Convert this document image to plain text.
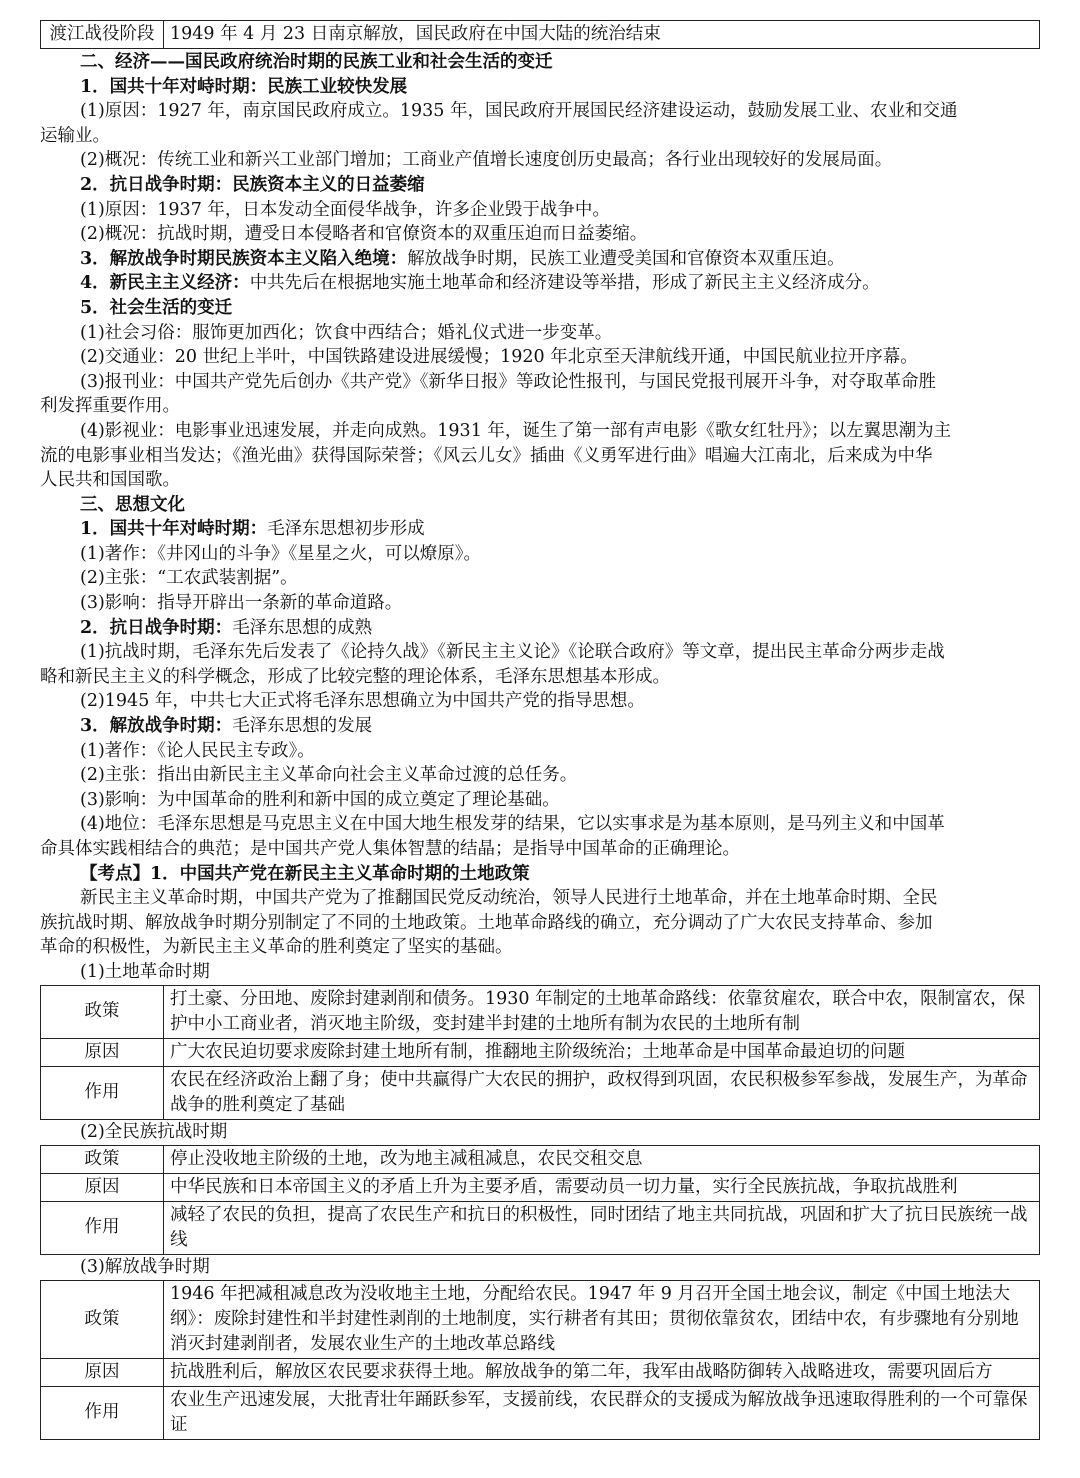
渡江战役阶段	1949 年 4 月 23 日南京解放，国民政府在中国大陆的统治结束

二、经济——国民政府统治时期的民族工业和社会生活的变迁

1．国共十年对峙时期：民族工业较快发展

(1)原因：1927 年，南京国民政府成立。1935 年，国民政府开展国民经济建设运动，鼓励发展工业、农业和交通

运输业。

(2)概况：传统工业和新兴工业部门增加；工商业产值增长速度创历史最高；各行业出现较好的发展局面。

2．抗日战争时期：民族资本主义的日益萎缩

(1)原因：1937 年，日本发动全面侵华战争，许多企业毁于战争中。

(2)概况：抗战时期，遭受日本侵略者和官僚资本的双重压迫而日益萎缩。

3．解放战争时期民族资本主义陷入绝境：解放战争时期，民族工业遭受美国和官僚资本双重压迫。

4．新民主主义经济：中共先后在根据地实施土地革命和经济建设等举措，形成了新民主主义经济成分。

5．社会生活的变迁

(1)社会习俗：服饰更加西化；饮食中西结合；婚礼仪式进一步变革。

(2)交通业：20 世纪上半叶，中国铁路建设进展缓慢；1920 年北京至天津航线开通，中国民航业拉开序幕。

(3)报刊业：中国共产党先后创办《共产党》《新华日报》等政论性报刊，与国民党报刊展开斗争，对夺取革命胜

利发挥重要作用。

(4)影视业：电影事业迅速发展，并走向成熟。1931 年，诞生了第一部有声电影《歌女红牡丹》；以左翼思潮为主

流的电影事业相当发达；《渔光曲》获得国际荣誉；《风云儿女》插曲《义勇军进行曲》唱遍大江南北，后来成为中华

人民共和国国歌。

三、思想文化

1．国共十年对峙时期：毛泽东思想初步形成

(1)著作：《井冈山的斗争》《星星之火，可以燎原》。

(2)主张：“工农武装割据”。

(3)影响：指导开辟出一条新的革命道路。

2．抗日战争时期：毛泽东思想的成熟

(1)抗战时期，毛泽东先后发表了《论持久战》《新民主主义论》《论联合政府》等文章，提出民主革命分两步走战

略和新民主主义的科学概念，形成了比较完整的理论体系，毛泽东思想基本形成。

(2)1945 年，中共七大正式将毛泽东思想确立为中国共产党的指导思想。

3．解放战争时期：毛泽东思想的发展

(1)著作：《论人民民主专政》。

(2)主张：指出由新民主主义革命向社会主义革命过渡的总任务。

(3)影响：为中国革命的胜利和新中国的成立奠定了理论基础。

(4)地位：毛泽东思想是马克思主义在中国大地生根发芽的结果，它以实事求是为基本原则，是马列主义和中国革

命具体实践相结合的典范；是中国共产党人集体智慧的结晶；是指导中国革命的正确理论。

【考点】1．中国共产党在新民主主义革命时期的土地政策

新民主主义革命时期，中国共产党为了推翻国民党反动统治，领导人民进行土地革命，并在土地革命时期、全民

族抗战时期、解放战争时期分别制定了不同的土地政策。土地革命路线的确立，充分调动了广大农民支持革命、参加

革命的积极性，为新民主主义革命的胜利奠定了坚实的基础。

(1)土地革命时期

政策	打土豪、分田地、废除封建剥削和债务。1930 年制定的土地革命路线：依靠贫雇农，联合中农，限制富农，保护中小工商业者，消灭地主阶级，变封建半封建的土地所有制为农民的土地所有制
原因	广大农民迫切要求废除封建土地所有制，推翻地主阶级统治；土地革命是中国革命最迫切的问题
作用	农民在经济政治上翻了身；使中共赢得广大农民的拥护，政权得到巩固，农民积极参军参战，发展生产，为革命战争的胜利奠定了基础

(2)全民族抗战时期

政策	停止没收地主阶级的土地，改为地主减租减息，农民交租交息
原因	中华民族和日本帝国主义的矛盾上升为主要矛盾，需要动员一切力量，实行全民族抗战，争取抗战胜利
作用	减轻了农民的负担，提高了农民生产和抗日的积极性，同时团结了地主共同抗战，巩固和扩大了抗日民族统一战线

(3)解放战争时期

政策	1946 年把减租减息改为没收地主土地，分配给农民。1947 年 9 月召开全国土地会议，制定《中国土地法大纲》：废除封建性和半封建性剥削的土地制度，实行耕者有其田；贯彻依靠贫农，团结中农，有步骤地有分别地消灭封建剥削者，发展农业生产的土地改革总路线
原因	抗战胜利后，解放区农民要求获得土地。解放战争的第二年，我军由战略防御转入战略进攻，需要巩固后方
作用	农业生产迅速发展，大批青壮年踊跃参军，支援前线，农民群众的支援成为解放战争迅速取得胜利的一个可靠保证
